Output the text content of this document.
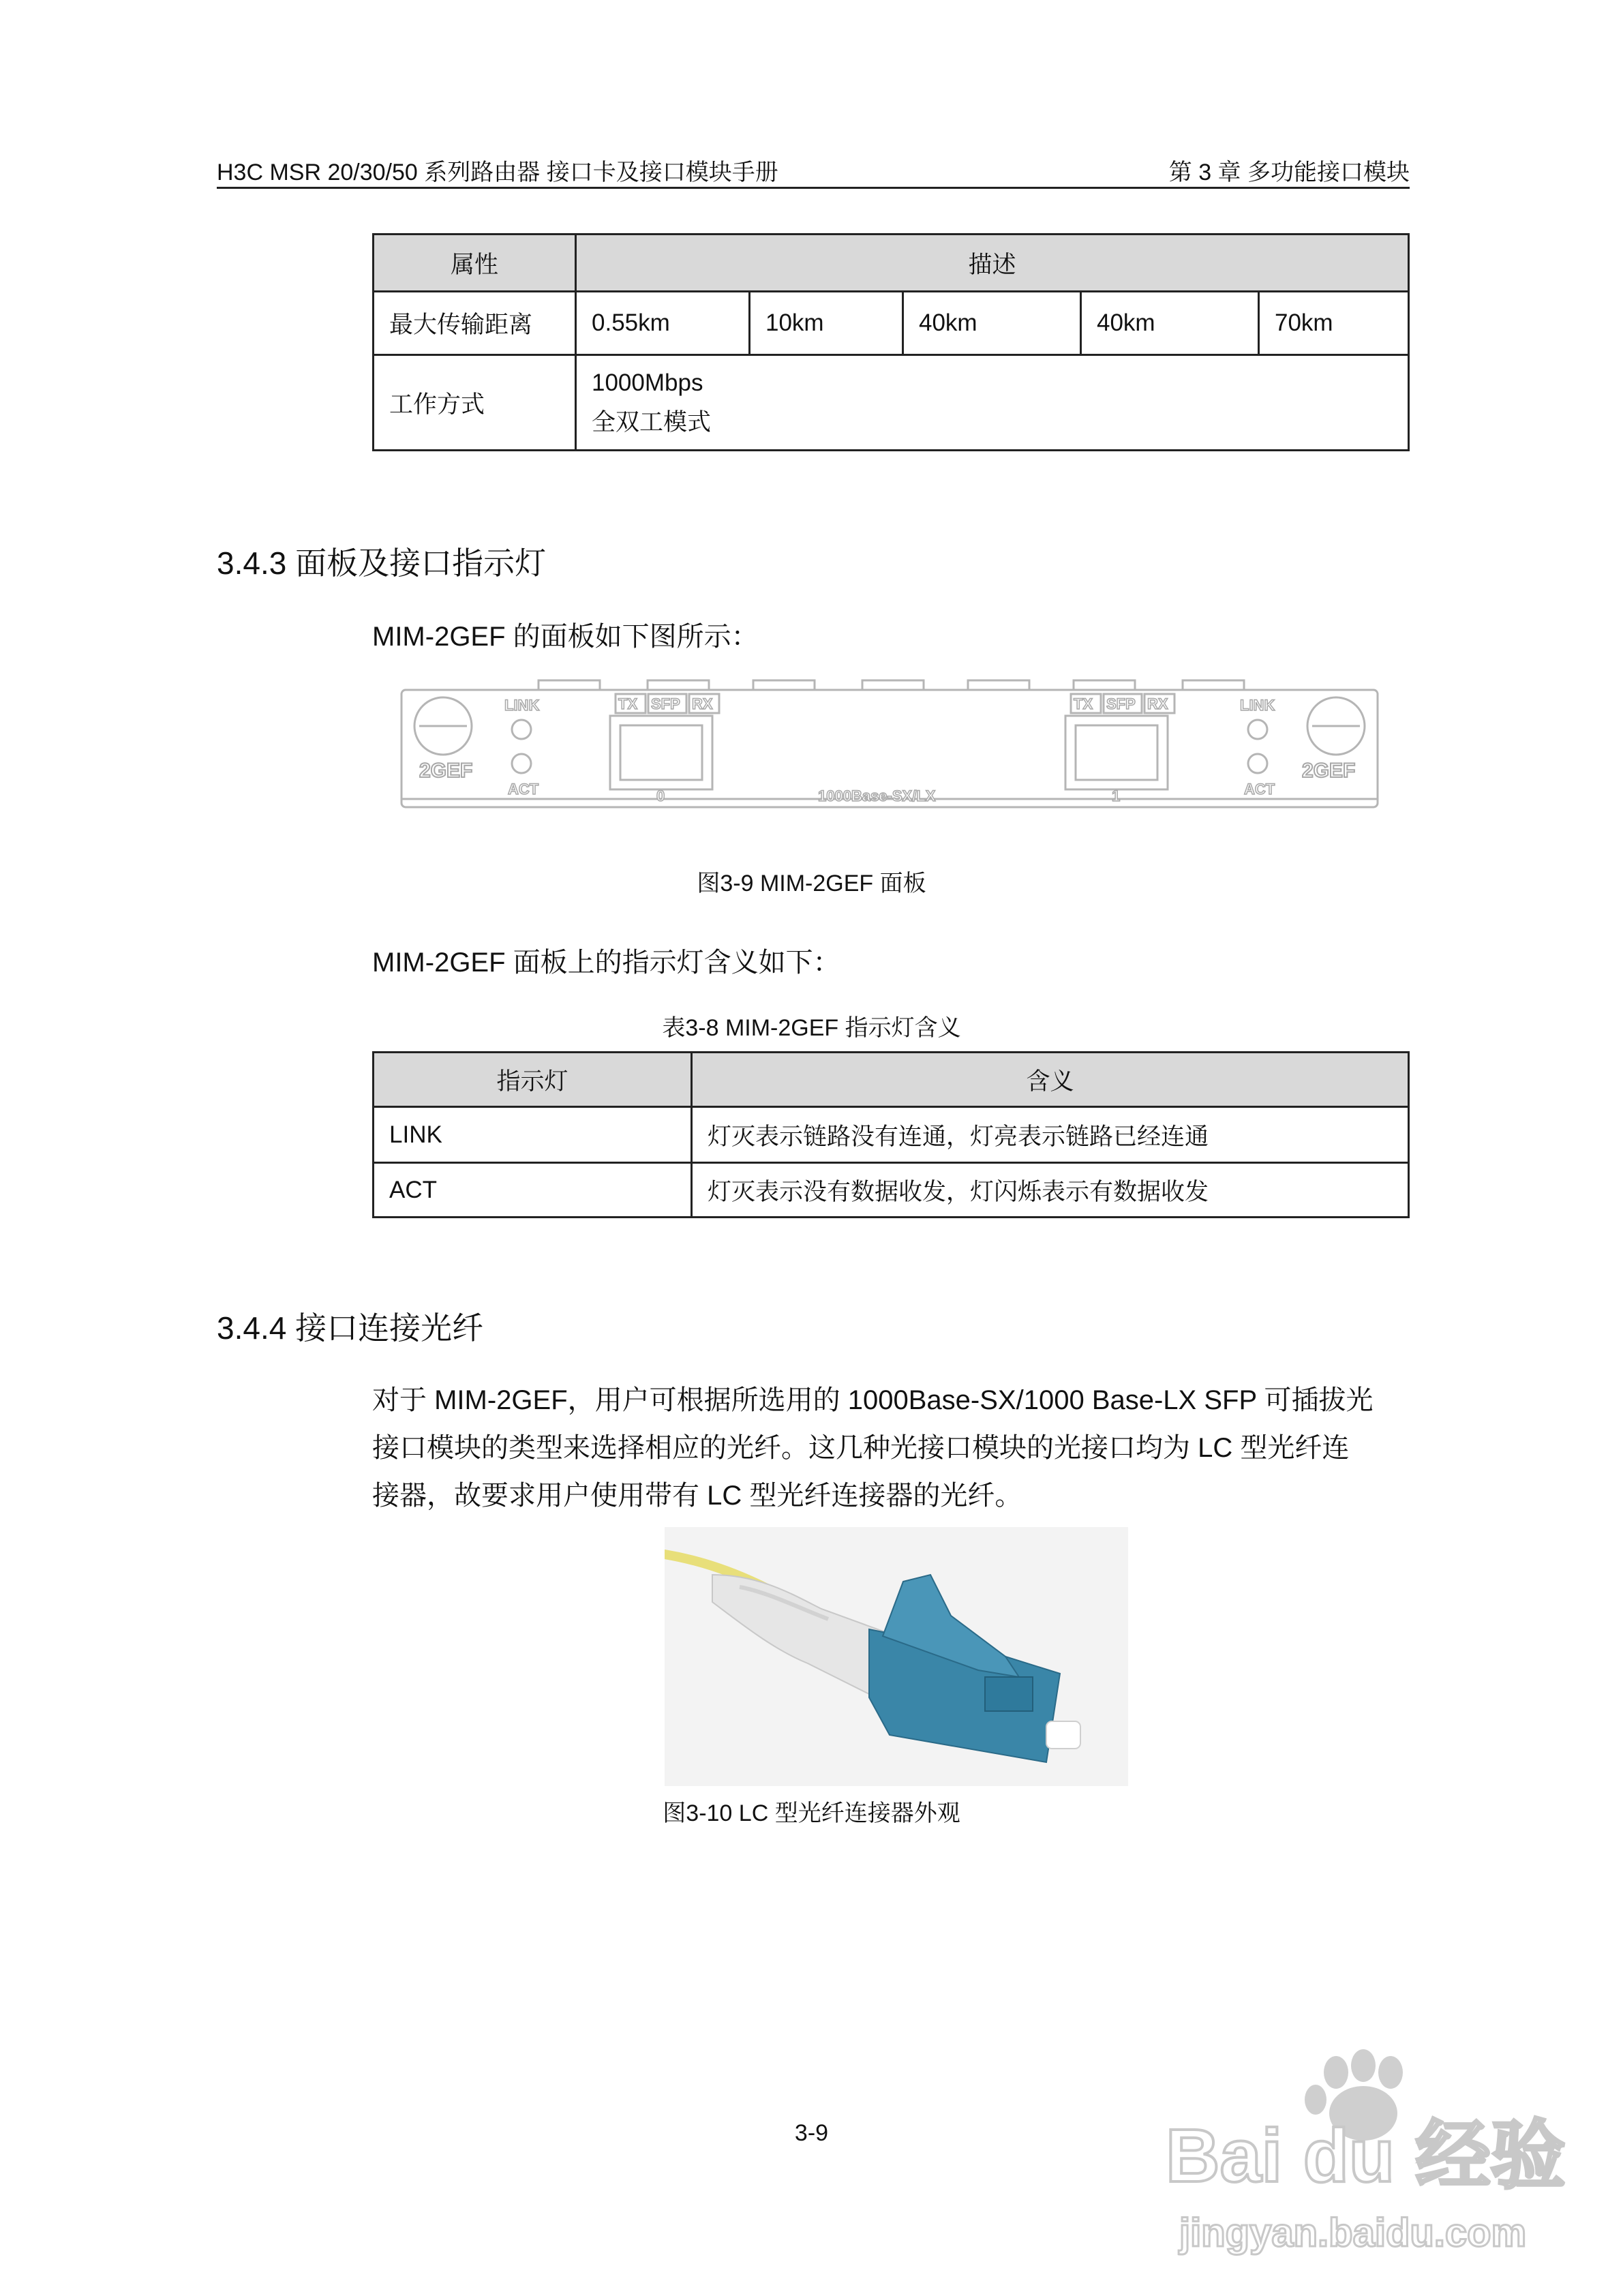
H3C MSR 20/30/50 系列路由器 接口卡及接口模块手册	第 3 章 多功能接口模块
属性	描述				
最大传输距离	0.55km	10km	40km	40km	70km
工作方式	1000Mbps
全双工模式				
3.4.3 面板及接口指示灯
MIM-2GEF 的面板如下图所示：
2GEF	2GEF
LINK
ACT
LINK
ACT
TX SFP RX	TX SFP RX
0	1
1000Base-SX/LX
图3-9 MIM-2GEF 面板
MIM-2GEF 面板上的指示灯含义如下：
表3-8 MIM-2GEF 指示灯含义
指示灯	含义
LINK	灯灭表示链路没有连通，灯亮表示链路已经连通
ACT	灯灭表示没有数据收发，灯闪烁表示有数据收发
3.4.4 接口连接光纤
对于 MIM-2GEF，用户可根据所选用的 1000Base-SX/1000 Base-LX SFP 可插拔光
接口模块的类型来选择相应的光纤。这几种光接口模块的光接口均为 LC 型光纤连
接器，故要求用户使用带有 LC 型光纤连接器的光纤。
图3-10 LC 型光纤连接器外观
3-9	Bai du 经验
jingyan.baidu.com
